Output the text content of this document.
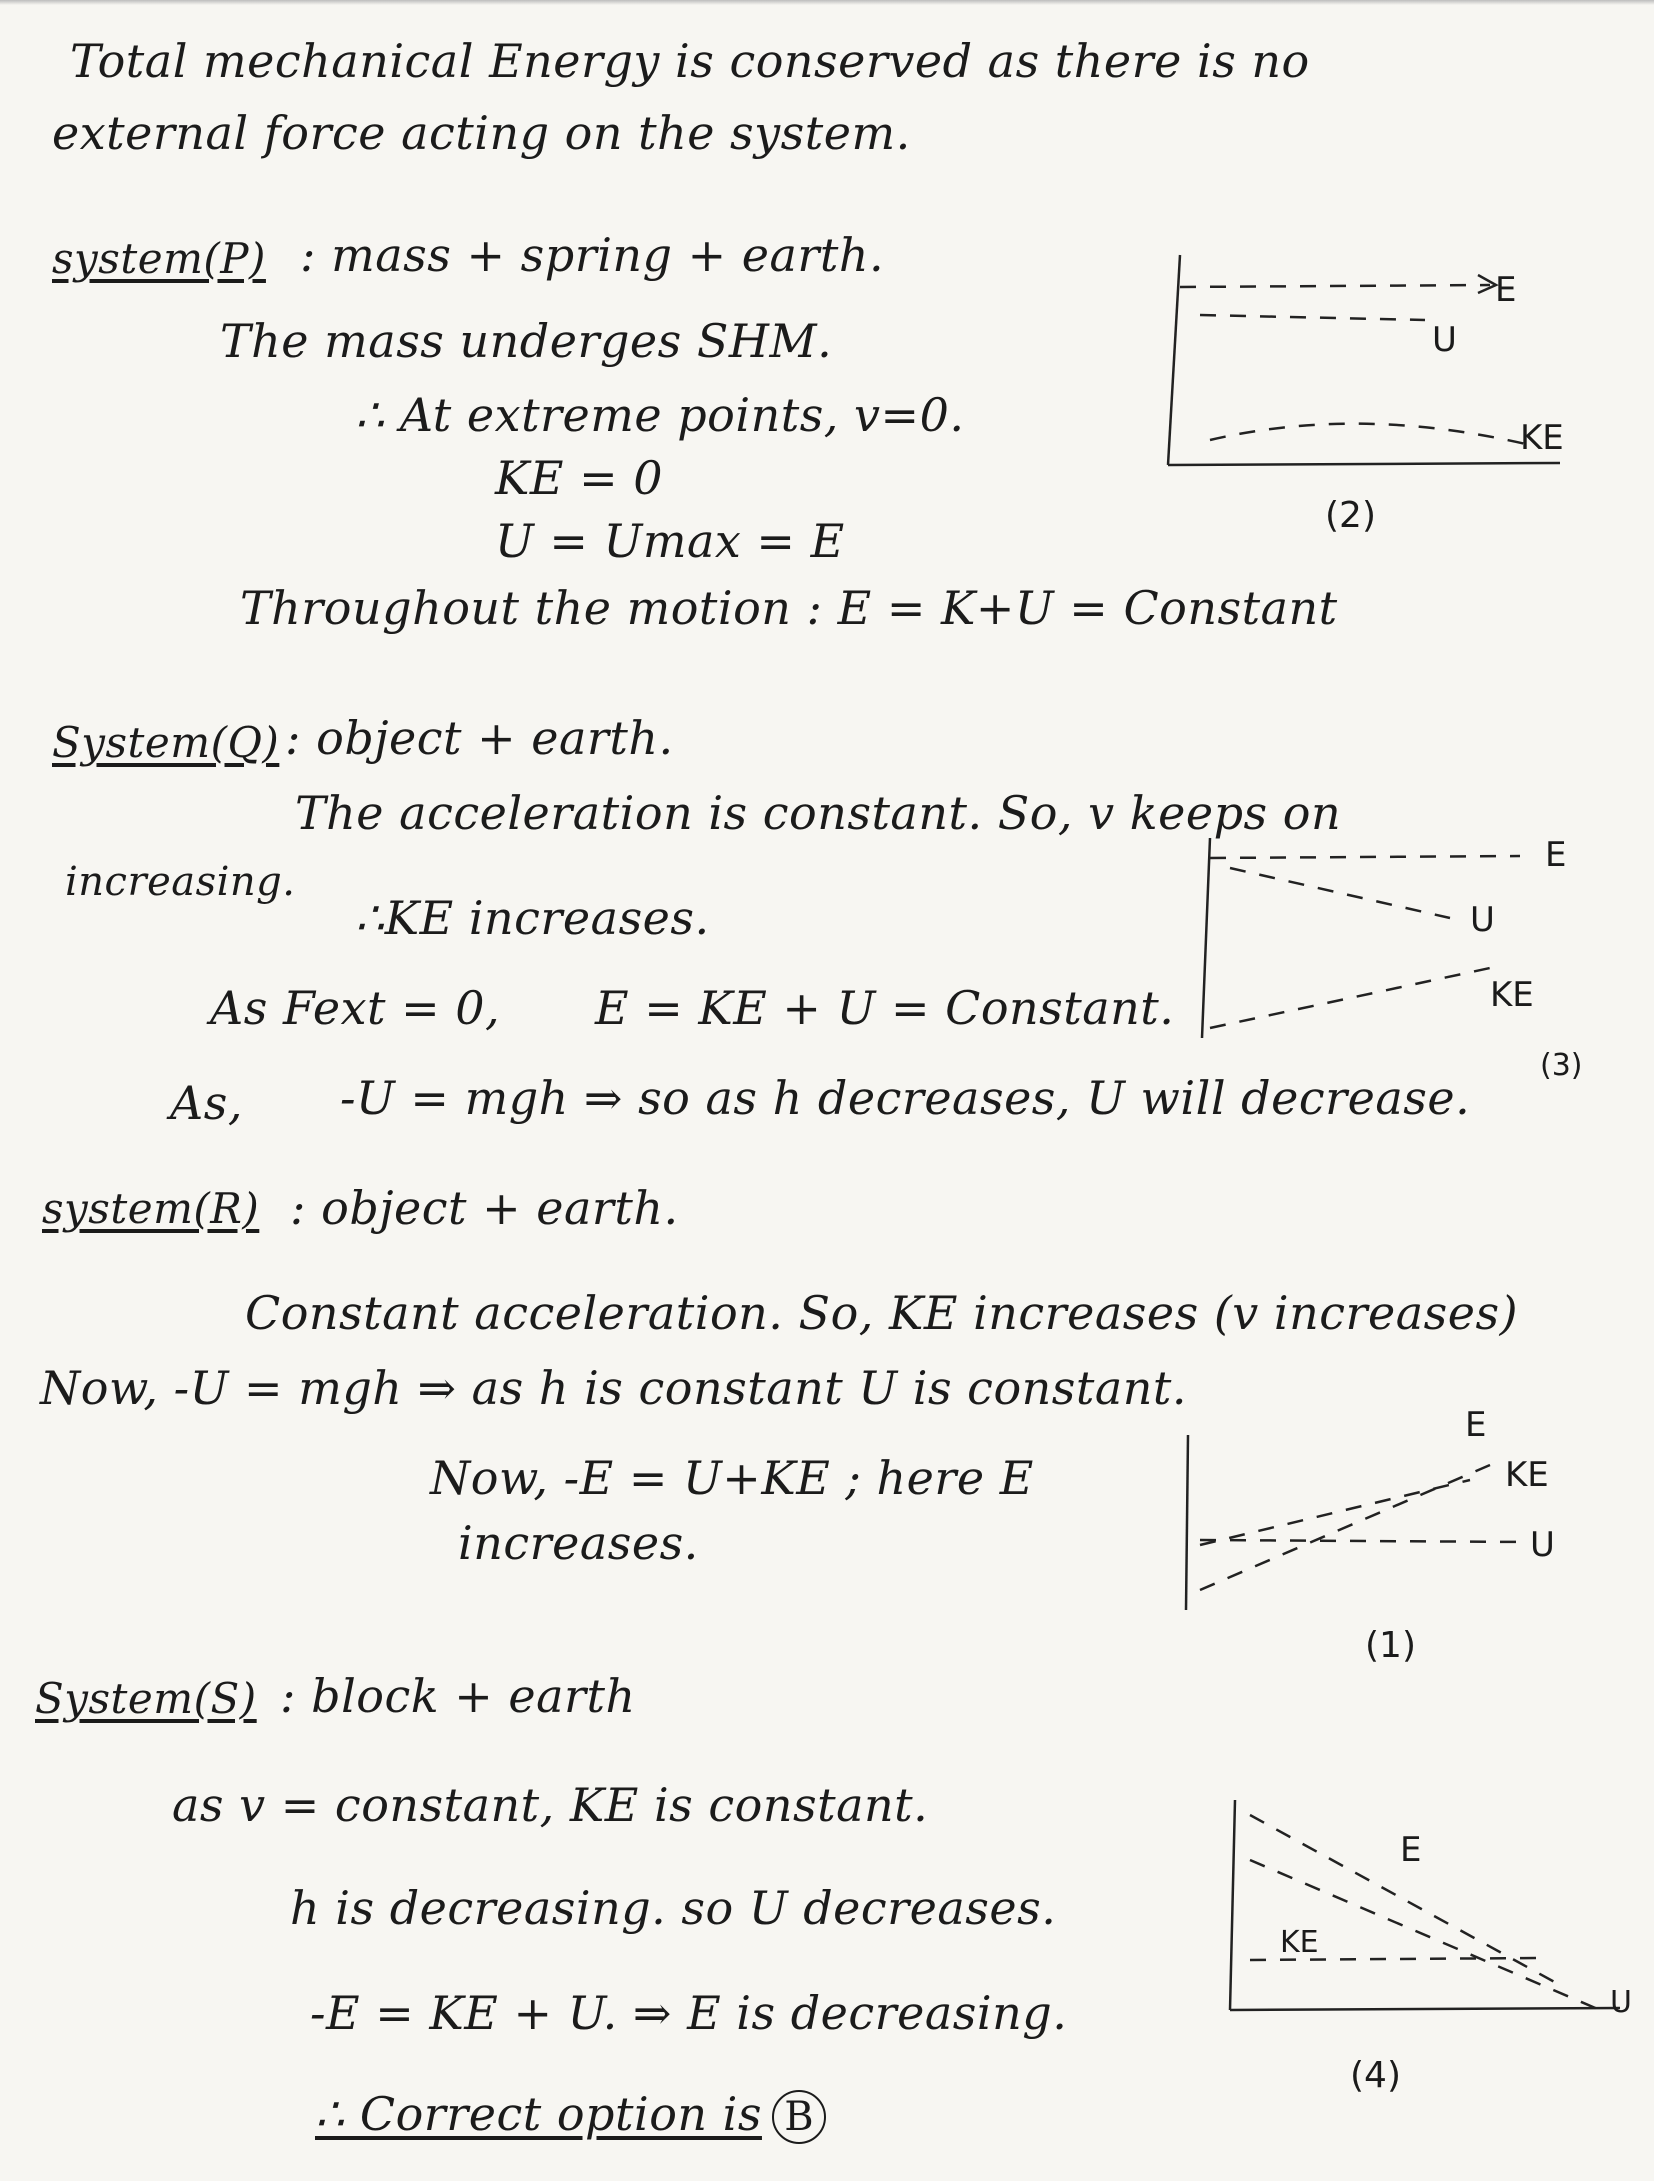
Total mechanical Energy is conserved as there is no
external force acting on the system.
system(P) : mass + spring + earth.
The mass underges SHM.
∴ At extreme points, v=0.
KE = 0
U = Umax = E
Throughout the motion : E = K+U = Constant
E
U
KE
(2)
System(Q) : object + earth.
The acceleration is constant. So, v keeps on
increasing.
∴KE increases.
As Fext = 0, E = KE + U = Constant.
As, -U = mgh ⇒ so as h decreases, U will decrease.
E
U
KE
(3)
system(R) : object + earth.
Constant acceleration. So, KE increases (v increases)
Now, -U = mgh ⇒ as h is constant U is constant.
Now, -E = U+KE ; here E
increases.
E
KE
U
(1)
System(S) : block + earth
as v = constant, KE is constant.
h is decreasing. so U decreases.
-E = KE + U. ⇒ E is decreasing.
∴ Correct option is B
E
KE
U
(4)
